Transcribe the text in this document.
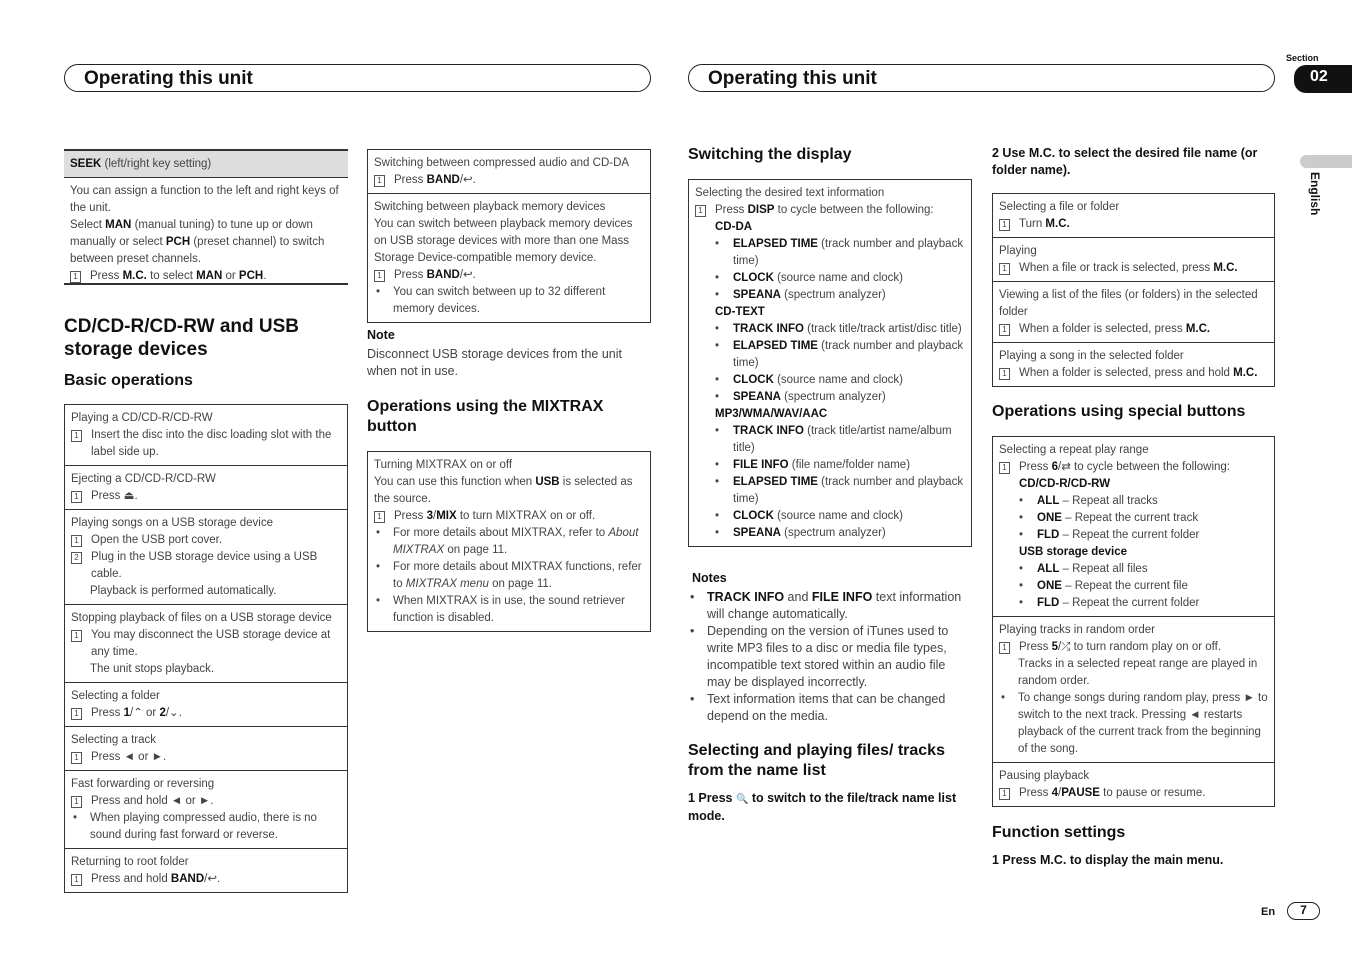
Operating this unit	Operating this unit
Section
02
English
SEEK (left/right key setting)
You can assign a function to the left and right keys of the unit.
Select MAN (manual tuning) to tune up or down manually or select PCH (preset channel) to switch between preset channels.
1 Press M.C. to select MAN or PCH.
CD/CD-R/CD-RW and USB storage devices
Basic operations
Playing a CD/CD-R/CD-RW
1 Insert the disc into the disc loading slot with the label side up.
Ejecting a CD/CD-R/CD-RW
1 Press ⏏.
Playing songs on a USB storage device
1 Open the USB port cover.
2 Plug in the USB storage device using a USB cable.
Playback is performed automatically.
Stopping playback of files on a USB storage device
1 You may disconnect the USB storage device at any time.
The unit stops playback.
Selecting a folder
1 Press 1/⌃ or 2/⌄.
Selecting a track
1 Press ◄ or ►.
Fast forwarding or reversing
1 Press and hold ◄ or ►.
•	When playing compressed audio, there is no sound during fast forward or reverse.
Returning to root folder
1 Press and hold BAND/↩.
Switching between compressed audio and CD-DA
1 Press BAND/↩.
Switching between playback memory devices
You can switch between playback memory devices on USB storage devices with more than one Mass Storage Device-compatible memory device.
1 Press BAND/↩.
•	You can switch between up to 32 different memory devices.
Note
Disconnect USB storage devices from the unit when not in use.
Operations using the MIXTRAX button
Turning MIXTRAX on or off
You can use this function when USB is selected as the source.
1 Press 3/MIX to turn MIXTRAX on or off.
•	For more details about MIXTRAX, refer to About MIXTRAX on page 11.
•	For more details about MIXTRAX functions, refer to MIXTRAX menu on page 11.
•	When MIXTRAX is in use, the sound retriever function is disabled.
Switching the display
Selecting the desired text information
1 Press DISP to cycle between the following:
CD-DA
•	ELAPSED TIME (track number and playback time)
•	CLOCK (source name and clock)
•	SPEANA (spectrum analyzer)
CD-TEXT
•	TRACK INFO (track title/track artist/disc title)
•	ELAPSED TIME (track number and playback time)
•	CLOCK (source name and clock)
•	SPEANA (spectrum analyzer)
MP3/WMA/WAV/AAC
•	TRACK INFO (track title/artist name/album title)
•	FILE INFO (file name/folder name)
•	ELAPSED TIME (track number and playback time)
•	CLOCK (source name and clock)
•	SPEANA (spectrum analyzer)
Notes
•	TRACK INFO and FILE INFO text information will change automatically.
•	Depending on the version of iTunes used to write MP3 files to a disc or media file types, incompatible text stored within an audio file may be displayed incorrectly.
•	Text information items that can be changed depend on the media.
Selecting and playing files/ tracks from the name list
1 Press 🔍 to switch to the file/track name list mode.
2 Use M.C. to select the desired file name (or folder name).
Selecting a file or folder
1 Turn M.C.
Playing
1 When a file or track is selected, press M.C.
Viewing a list of the files (or folders) in the selected folder
1 When a folder is selected, press M.C.
Playing a song in the selected folder
1 When a folder is selected, press and hold M.C.
Operations using special buttons
Selecting a repeat play range
1 Press 6/⇄ to cycle between the following:
CD/CD-R/CD-RW
•	ALL – Repeat all tracks
•	ONE – Repeat the current track
•	FLD – Repeat the current folder
USB storage device
•	ALL – Repeat all files
•	ONE – Repeat the current file
•	FLD – Repeat the current folder
Playing tracks in random order
1 Press 5/⤮ to turn random play on or off.
Tracks in a selected repeat range are played in random order.
•	To change songs during random play, press ► to switch to the next track. Pressing ◄ restarts playback of the current track from the beginning of the song.
Pausing playback
1 Press 4/PAUSE to pause or resume.
Function settings
1 Press M.C. to display the main menu.
En	7
